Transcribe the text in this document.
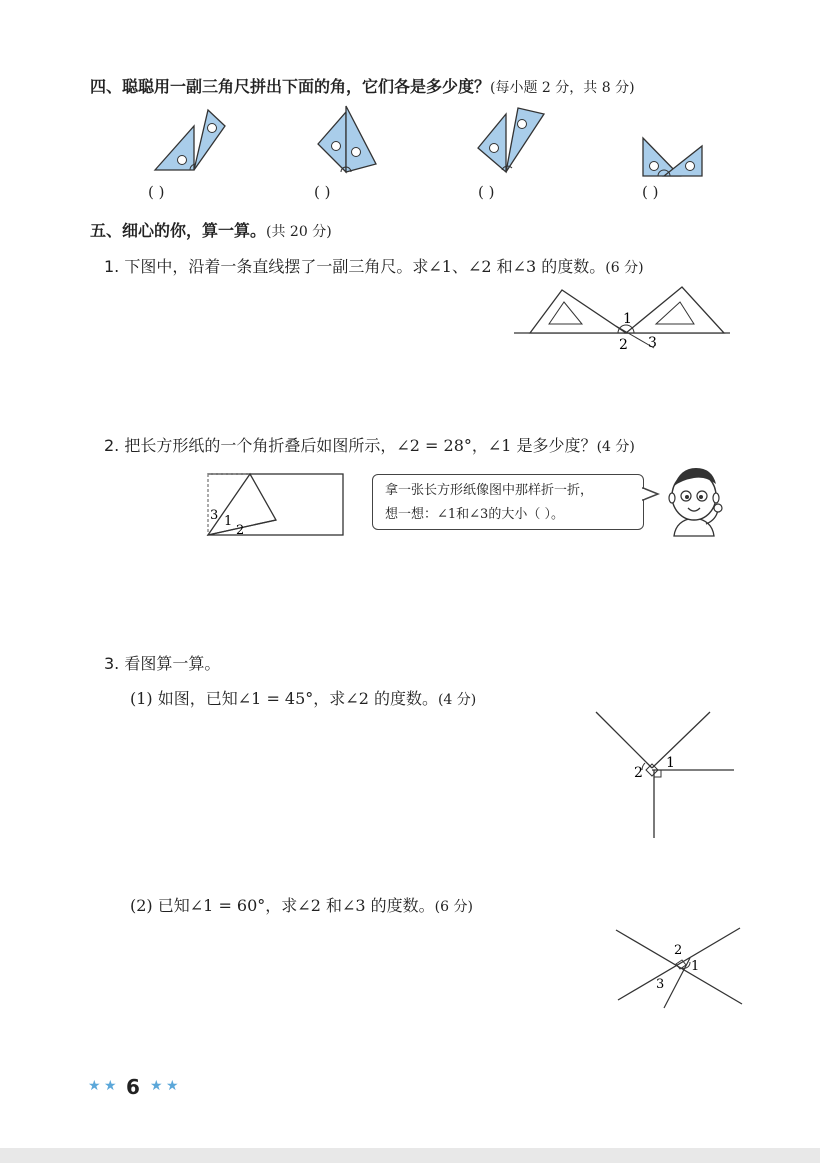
四、聪聪用一副三角尺拼出下面的角，它们各是多少度？(每小题 2 分，共 8 分)
( )	( )	( )	( )
五、细心的你，算一算。(共 20 分)
1. 下图中，沿着一条直线摆了一副三角尺。求∠1、∠2 和∠3 的度数。(6 分)
1
2 3
2. 把长方形纸的一个角折叠后如图所示，∠2 = 28°，∠1 是多少度？(4 分)
3 1
2
拿一张长方形纸像图中那样折一折，
想一想：∠1和∠3的大小（ ）。
3. 看图算一算。
(1) 如图，已知∠1 = 45°，求∠2 的度数。(4 分)
2
1
(2) 已知∠1 = 60°，求∠2 和∠3 的度数。(6 分)
2
1
3
★ ★ 6 ★ ★
